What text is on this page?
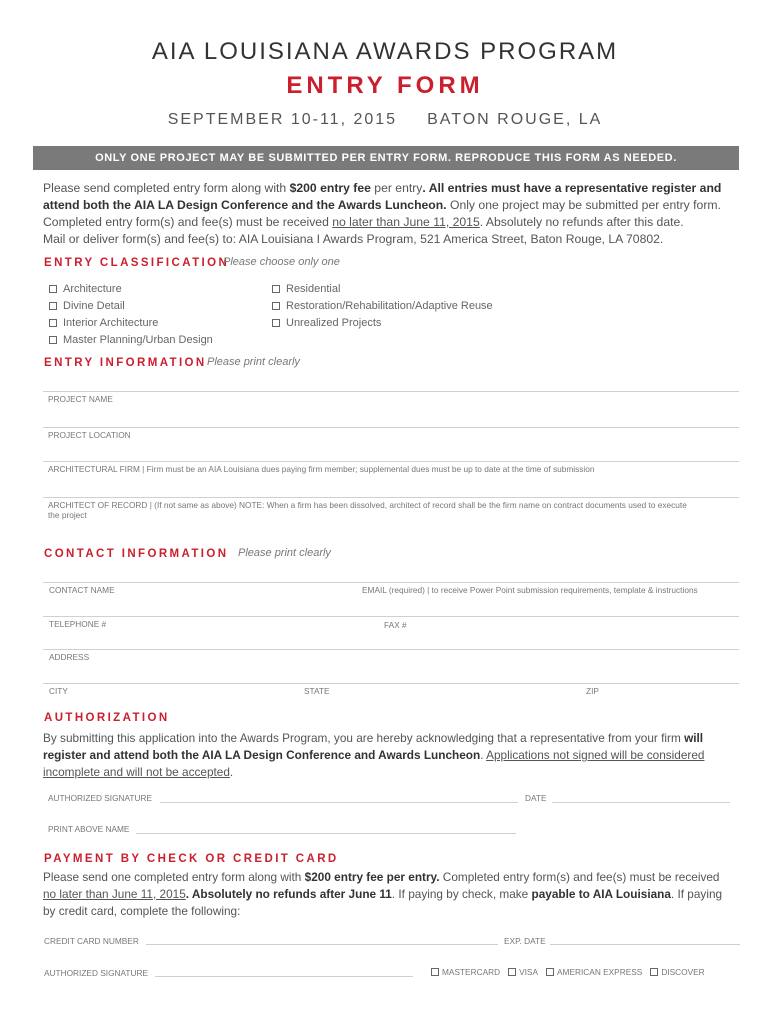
AIA LOUISIANA AWARDS PROGRAM
ENTRY FORM
SEPTEMBER 10-11, 2015 BATON ROUGE, LA
ONLY ONE PROJECT MAY BE SUBMITTED PER ENTRY FORM. REPRODUCE THIS FORM AS NEEDED.
Please send completed entry form along with $200 entry fee per entry. All entries must have a representative register and attend both the AIA LA Design Conference and the Awards Luncheon. Only one project may be submitted per entry form. Completed entry form(s) and fee(s) must be received no later than June 11, 2015. Absolutely no refunds after this date.
Mail or deliver form(s) and fee(s) to: AIA Louisiana I Awards Program, 521 America Street, Baton Rouge, LA 70802.
ENTRY CLASSIFICATION
Please choose only one
Architecture
Divine Detail
Interior Architecture
Master Planning/Urban Design
Residential
Restoration/Rehabilitation/Adaptive Reuse
Unrealized Projects
ENTRY INFORMATION Please print clearly
PROJECT NAME
PROJECT LOCATION
ARCHITECTURAL FIRM | Firm must be an AIA Louisiana dues paying firm member; supplemental dues must be up to date at the time of submission
ARCHITECT OF RECORD | (If not same as above) NOTE: When a firm has been dissolved, architect of record shall be the firm name on contract documents used to execute
the project
CONTACT INFORMATION Please print clearly
CONTACT NAME	EMAIL (required) | to receive Power Point submission requirements, template & instructions
TELEPHONE #	FAX #
ADDRESS
CITY	STATE	ZIP
AUTHORIZATION
By submitting this application into the Awards Program, you are hereby acknowledging that a representative from your firm will register and attend both the AIA LA Design Conference and Awards Luncheon. Applications not signed will be considered incomplete and will not be accepted.
AUTHORIZED SIGNATURE	DATE
PRINT ABOVE NAME
PAYMENT BY CHECK OR CREDIT CARD
Please send one completed entry form along with $200 entry fee per entry. Completed entry form(s) and fee(s) must be received no later than June 11, 2015. Absolutely no refunds after June 11. If paying by check, make payable to AIA Louisiana. If paying by credit card, complete the following:
CREDIT CARD NUMBER	EXP. DATE
AUTHORIZED SIGNATURE	MASTERCARD VISA AMERICAN EXPRESS DISCOVER
